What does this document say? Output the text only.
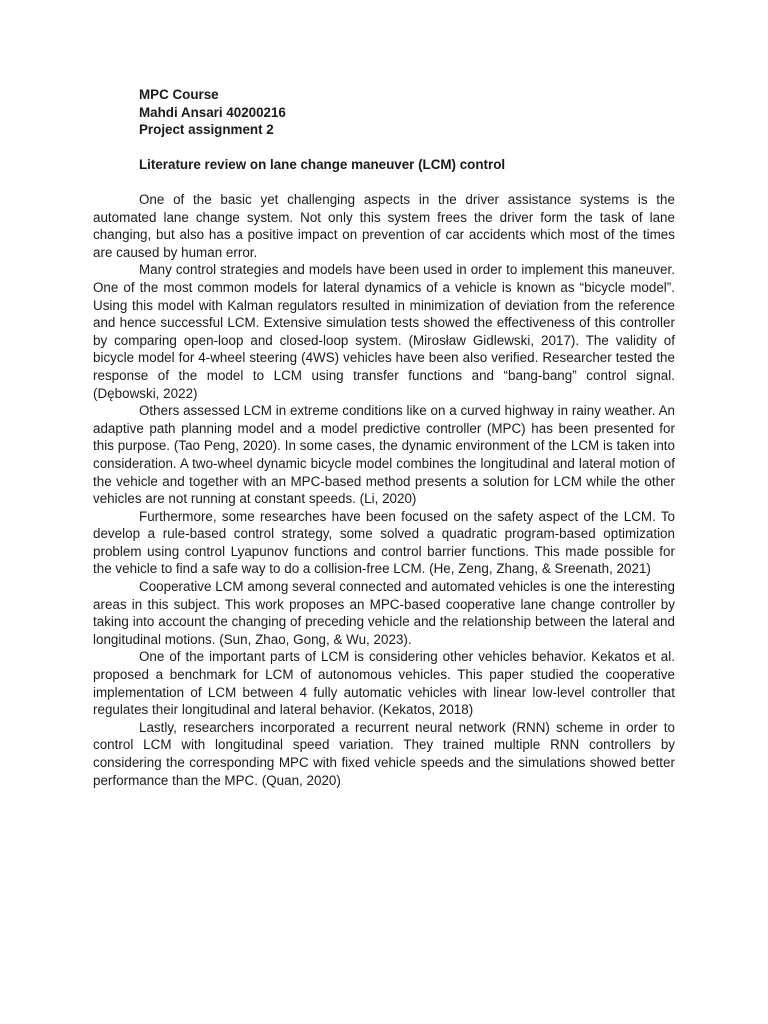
MPC Course

Mahdi Ansari 40200216

Project assignment 2

Literature review on lane change maneuver (LCM) control

One of the basic yet challenging aspects in the driver assistance systems is the automated lane change system. Not only this system frees the driver form the task of lane changing, but also has a positive impact on prevention of car accidents which most of the times are caused by human error.

Many control strategies and models have been used in order to implement this maneuver. One of the most common models for lateral dynamics of a vehicle is known as “bicycle model”. Using this model with Kalman regulators resulted in minimization of deviation from the reference and hence successful LCM. Extensive simulation tests showed the effectiveness of this controller by comparing open-loop and closed-loop system. (Mirosław Gidlewski, 2017). The validity of bicycle model for 4-wheel steering (4WS) vehicles have been also verified. Researcher tested the response of the model to LCM using transfer functions and “bang-bang” control signal. (Dębowski, 2022)

Others assessed LCM in extreme conditions like on a curved highway in rainy weather. An adaptive path planning model and a model predictive controller (MPC) has been presented for this purpose. (Tao Peng, 2020). In some cases, the dynamic environment of the LCM is taken into consideration. A two-wheel dynamic bicycle model combines the longitudinal and lateral motion of the vehicle and together with an MPC-based method presents a solution for LCM while the other vehicles are not running at constant speeds. (Li, 2020)

Furthermore, some researches have been focused on the safety aspect of the LCM. To develop a rule-based control strategy, some solved a quadratic program-based optimization problem using control Lyapunov functions and control barrier functions. This made possible for the vehicle to find a safe way to do a collision-free LCM. (He, Zeng, Zhang, & Sreenath, 2021)

Cooperative LCM among several connected and automated vehicles is one the interesting areas in this subject. This work proposes an MPC-based cooperative lane change controller by taking into account the changing of preceding vehicle and the relationship between the lateral and longitudinal motions. (Sun, Zhao, Gong, & Wu, 2023).

One of the important parts of LCM is considering other vehicles behavior. Kekatos et al. proposed a benchmark for LCM of autonomous vehicles. This paper studied the cooperative implementation of LCM between 4 fully automatic vehicles with linear low-level controller that regulates their longitudinal and lateral behavior. (Kekatos, 2018)

Lastly, researchers incorporated a recurrent neural network (RNN) scheme in order to control LCM with longitudinal speed variation. They trained multiple RNN controllers by considering the corresponding MPC with fixed vehicle speeds and the simulations showed better performance than the MPC. (Quan, 2020)
